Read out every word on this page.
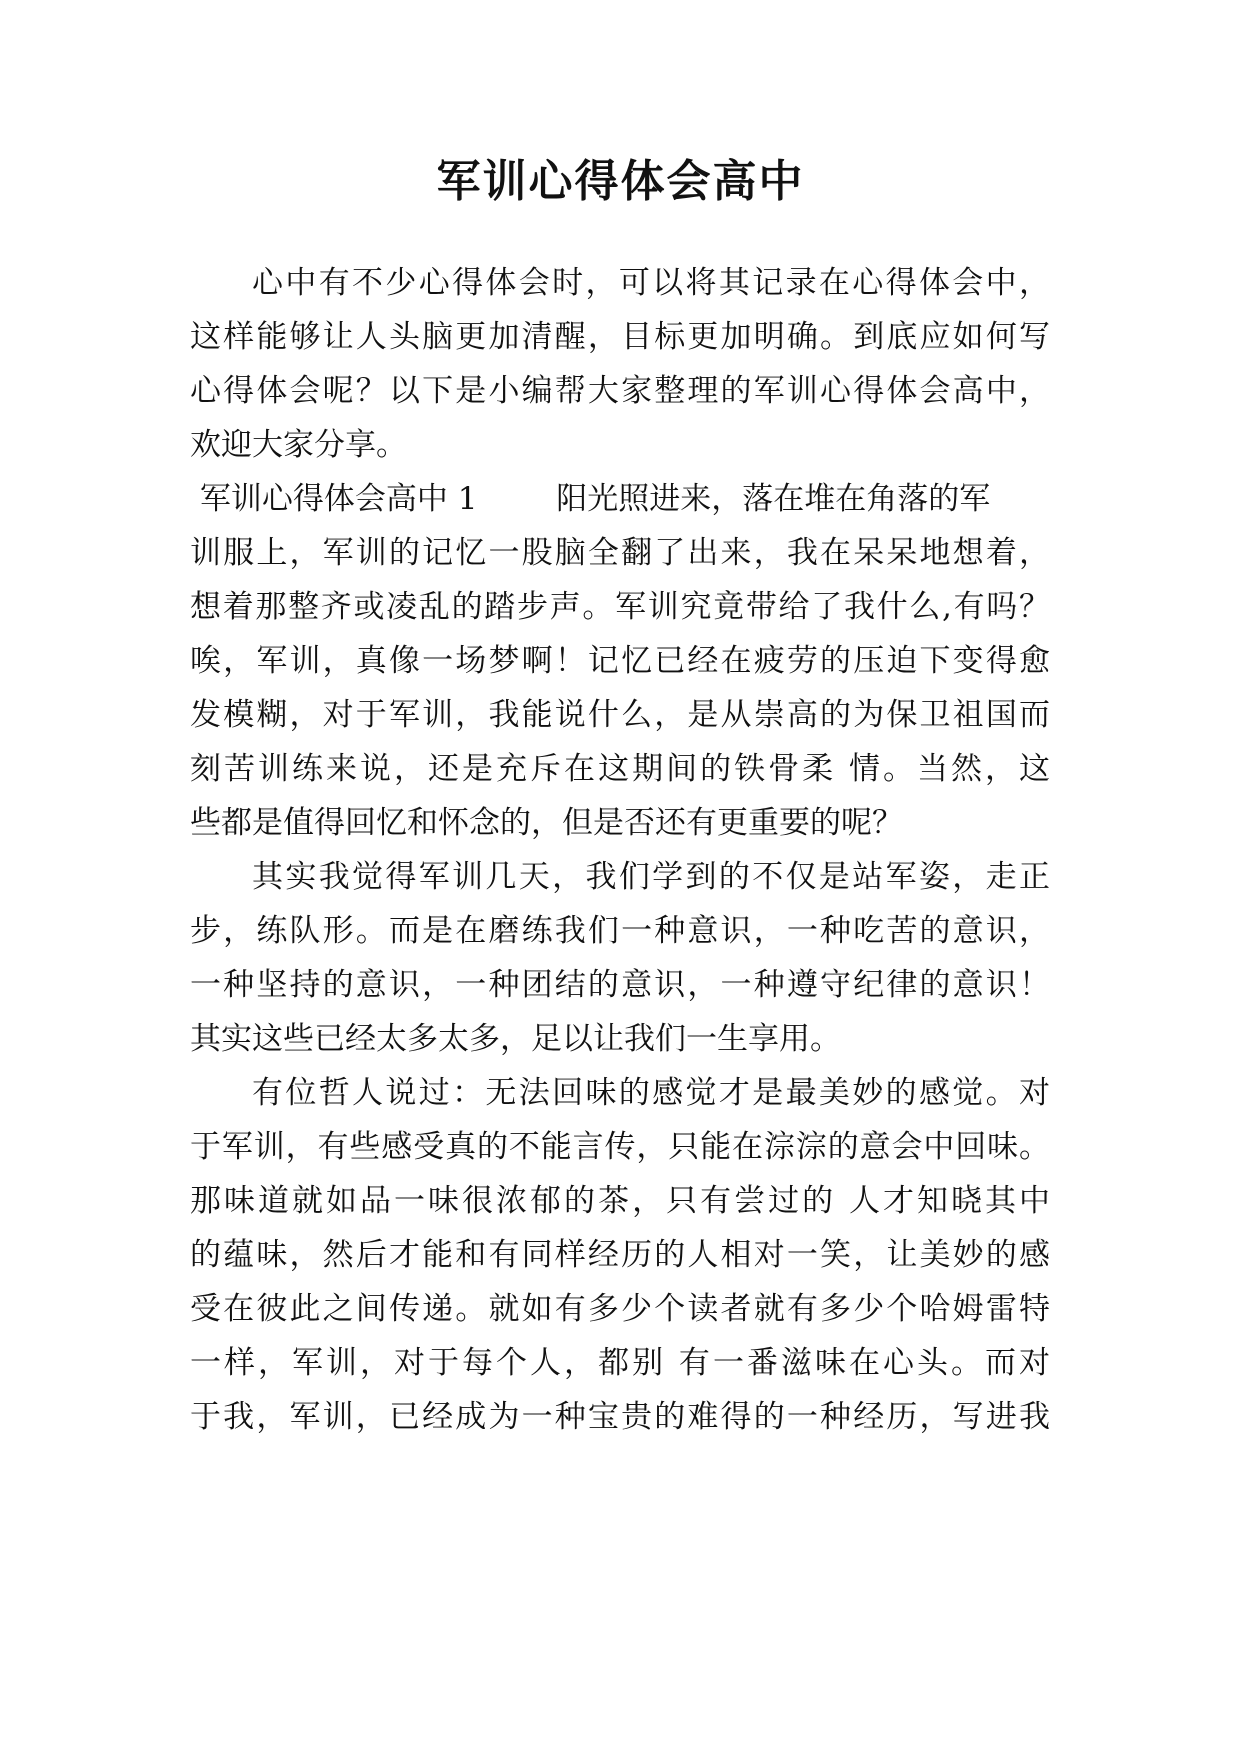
军训心得体会高中
心中有不少心得体会时，可以将其记录在心得体会中，
这样能够让人头脑更加清醒，目标更加明确。到底应如何写
心得体会呢？以下是小编帮大家整理的军训心得体会高中，
欢迎大家分享。
军训心得体会高中 1        阳光照进来，落在堆在角落的军
训服上，军训的记忆一股脑全翻了出来，我在呆呆地想着，
想着那整齐或凌乱的踏步声。军训究竟带给了我什么,有吗？
唉，军训，真像一场梦啊！记忆已经在疲劳的压迫下变得愈
发模糊，对于军训，我能说什么，是从崇高的为保卫祖国而
刻苦训练来说，还是充斥在这期间的铁骨柔 情。当然，这
些都是值得回忆和怀念的，但是否还有更重要的呢？
其实我觉得军训几天，我们学到的不仅是站军姿，走正
步，练队形。而是在磨练我们一种意识，一种吃苦的意识，
一种坚持的意识，一种团结的意识，一种遵守纪律的意识！
其实这些已经太多太多，足以让我们一生享用。
有位哲人说过：无法回味的感觉才是最美妙的感觉。对
于军训，有些感受真的不能言传，只能在淙淙的意会中回味。
那味道就如品一味很浓郁的茶，只有尝过的 人才知晓其中
的蕴味，然后才能和有同样经历的人相对一笑，让美妙的感
受在彼此之间传递。就如有多少个读者就有多少个哈姆雷特
一样，军训，对于每个人，都别 有一番滋味在心头。而对
于我，军训，已经成为一种宝贵的难得的一种经历，写进我
